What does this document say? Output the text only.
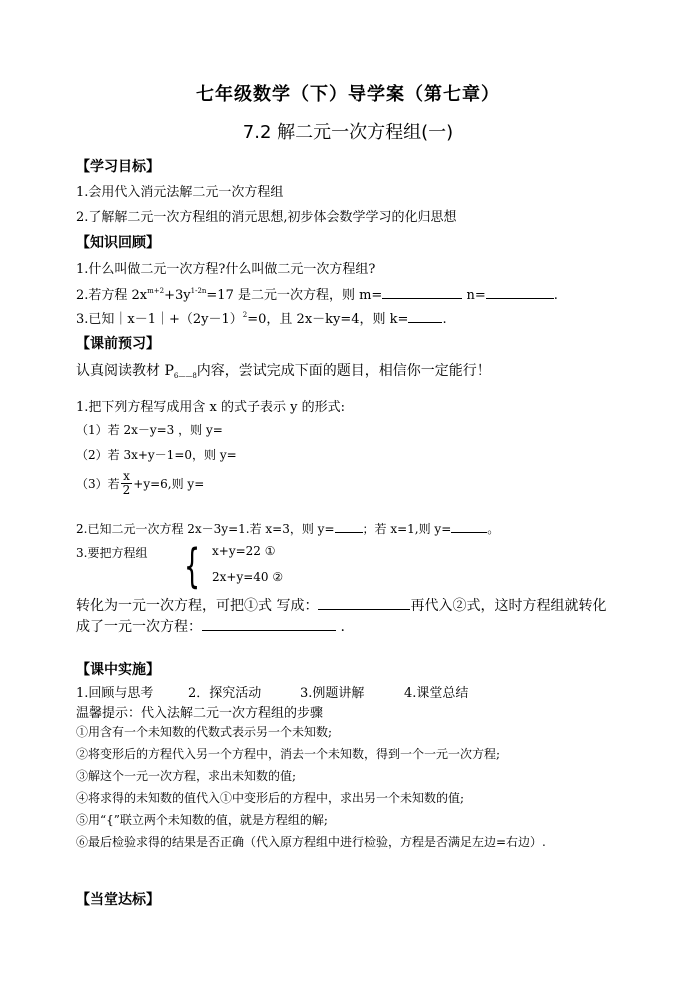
七年级数学（下）导学案（第七章）
7.2 解二元一次方程组(一)
【学习目标】
1.会用代入消元法解二元一次方程组
2.了解解二元一次方程组的消元思想,初步体会数学学习的化归思想
【知识回顾】
1.什么叫做二元一次方程?什么叫做二元一次方程组?
2.若方程 $2x^{m+2}+3y^{1-2n}=17$ 是二元一次方程，则 m=	n=	.
3.已知$|x-1|+(2y-1)^2=0$，且 2x－ky=4，则 k=	.
【课前预习】
认真阅读教材 $P_{6——8}$内容，尝试完成下面的题目，相信你一定能行！
1.把下列方程写成用含 x 的式子表示 y 的形式:
（1）若 2x－y=3 ，则 y=
（2）若 3x+y－1=0，则 y=
（3）若 $\frac{x}{2} +y=6$,则 y=
2.已知二元一次方程 2x－3y=1.若 x=3，则 y= ；若 x=1,则 y=	。
3.要把方程组 { x+y=22 ①
2x+y=40 ②
转化为一元一次方程，可把①式 写成：	再代入②式，这时方程组就转化
成了一元一次方程：	.
【课中实施】
1.回顾与思考	2．探究活动	3.例题讲解	4.课堂总结
温馨提示：代入法解二元一次方程组的步骤
①用含有一个未知数的代数式表示另一个未知数;
②将变形后的方程代入另一个方程中，消去一个未知数，得到一个一元一次方程;
③解这个一元一次方程，求出未知数的值;
④将求得的未知数的值代入①中变形后的方程中，求出另一个未知数的值;
⑤用“{”联立两个未知数的值，就是方程组的解;
⑥最后检验求得的结果是否正确（代入原方程组中进行检验，方程是否满足左边=右边）.
【当堂达标】
